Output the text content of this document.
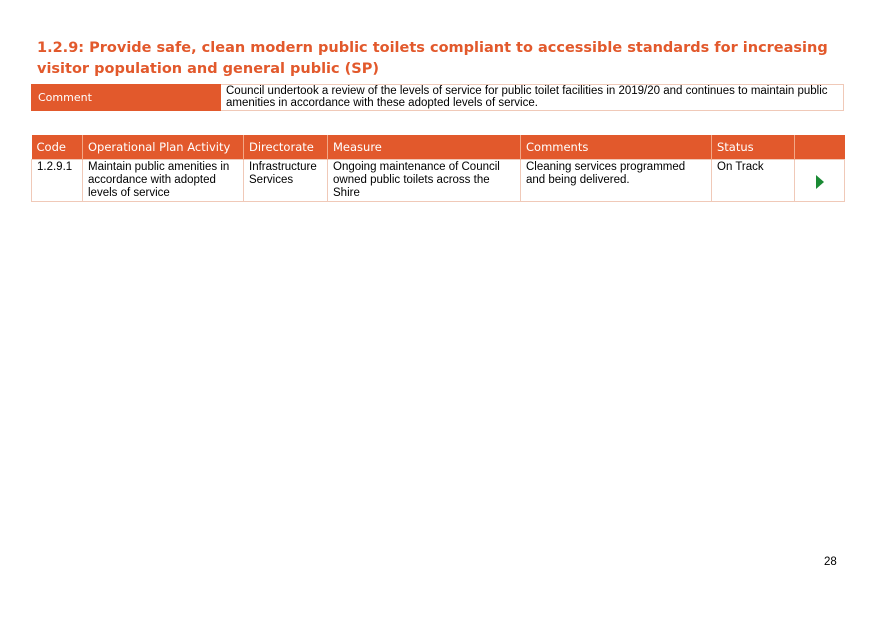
1.2.9: Provide safe, clean modern public toilets compliant to accessible standards for increasing visitor population and general public (SP)
Comment	Council undertook a review of the levels of service for public toilet facilities in 2019/20 and continues to maintain public amenities in accordance with these adopted levels of service.
Code	Operational Plan Activity	Directorate	Measure	Comments	Status	
1.2.9.1	Maintain public amenities in accordance with adopted levels of service	Infrastructure Services	Ongoing maintenance of Council owned public toilets across the Shire	Cleaning services programmed and being delivered.	On Track	
28
